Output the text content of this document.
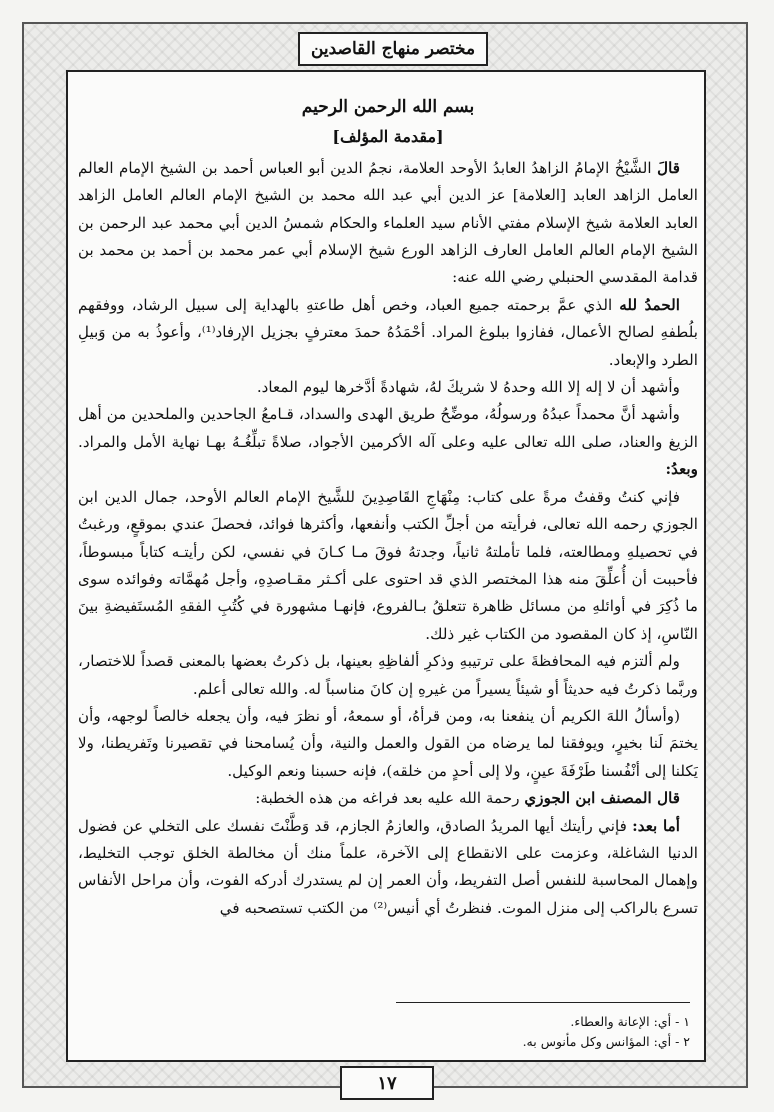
مختصر منهاج القاصدين

بسم الله الرحمن الرحيم

[مقدمة المؤلف]

قالَ الشَّيْخُ الإمامُ الزاهدُ العابدُ الأوحد العلامة، نجمُ الدين أبو العباس أحمد بن الشيخ الإمام العالم العامل الزاهد العابد [العلامة] عز الدين أبي عبد الله محمد بن الشيخ الإمام العالم العامل الزاهد العابد العلامة شيخ الإسلام مفتي الأنام سيد العلماء والحكام شمسُ الدين أبي محمد عبد الرحمن بن الشيخ الإمام العالم العامل العارف الزاهد الورع شيخ الإسلام أبي عمر محمد بن أحمد بن محمد بن قدامة المقدسي الحنبلي رضي الله عنه:

الحمدُ لله الذي عمَّ برحمته جميع العباد، وخص أهل طاعتهِ بالهداية إلى سبيل الرشاد، ووفقهم بلُطفهِ لصالح الأعمال، ففازوا ببلوغ المراد. أحْمَدُهُ حمدَ معترفٍ بجزيل الإرفاد⁽¹⁾، وأعوذُ به من وَبيلِ الطرد والإبعاد.

وأشهد أن لا إله إلا الله وحدهُ لا شريكَ لهُ، شهادةً أدَّخرها ليوم المعاد.

وأشهد أنَّ محمداً عبدُهُ ورسولُهُ، موضِّحُ طريق الهدى والسداد، قـامعُ الجاحدين والملحدين من أهل الزيغ والعناد، صلى الله تعالى عليه وعلى آله الأكرمين الأجواد، صلاةً تبلِّغُـهُ بهـا نهاية الأمل والمراد. وبعدُ:

فإني كنتُ وقفتُ مرةً على كتاب: مِنْهَاجِ القَاصِدِينَ للشَّيخ الإمام العالم الأوحد، جمال الدين ابن الجوزي رحمه الله تعالى، فرأيته من أجلِّ الكتب وأنفعها، وأكثرها فوائد، فحصلَ عندي بموقعٍ، ورغبتُ في تحصيلهِ ومطالعته، فلما تأملتهُ ثانياً، وجدتهُ فوقَ مـا كـانَ في نفسي، لكن رأيتـه كتاباً مبسوطاً، فأحببت أن أُعلِّقَ منه هذا المختصر الذي قد احتوى على أكـثر مقـاصدِهِ، وأجل مُهمَّاته وفوائده سوى ما ذُكِرَ في أوائلهِ من مسائل ظاهرة تتعلقُ بـالفروع، فإنهـا مشهورة في كُتُبِ الفقهِ المُستَفيضةِ بينَ النّاسِ، إذ كان المقصود من الكتاب غير ذلك.

ولم ألتزم فيه المحافظةَ على ترتيبهِ وذكرِ ألفاظِهِ بعينها، بل ذكرتُ بعضها بالمعنى قصداً للاختصار، وربَّما ذكرتُ فيه حديثاً أو شيئاً يسيراً من غيرهِ إن كانَ مناسباً له. والله تعالى أعلم.

(وأسألُ اللهَ الكريم أن ينفعنا به، ومن قرأهُ، أو سمعهُ، أو نظرَ فيه، وأن يجعله خالصاً لوجهه، وأن يختمَ لَنا بخيرٍ، ويوفقنا لما يرضاه من القول والعمل والنية، وأن يُسامحنا في تقصيرنا وتَفريطنا، ولا يَكلنا إلى أنْفُسنا طَرْفَةَ عينٍ، ولا إلى أحدٍ من خلقه)، فإنه حسبنا ونعم الوكيل.

قال المصنف ابن الجوزي رحمة الله عليه بعد فراغه من هذه الخطبة:

أما بعد: فإني رأيتك أيها المريدُ الصادق، والعازمُ الجازم، قد وَطَّنْتَ نفسك على التخلي عن فضول الدنيا الشاغلة، وعزمت على الانقطاع إلى الآخرة، علماً منك أن مخالطة الخلق توجب التخليط، وإهمال المحاسبة للنفس أصل التفريط، وأن العمر إن لم يستدرك أدركه الفوت، وأن مراحل الأنفاس تسرع بالراكب إلى منزل الموت. فنظرتُ أي أنيس⁽²⁾ من الكتب تستصحبه في

١ - أي: الإعانة والعطاء.
٢ - أي: المؤانس وكل مأنوس به.
١٧
